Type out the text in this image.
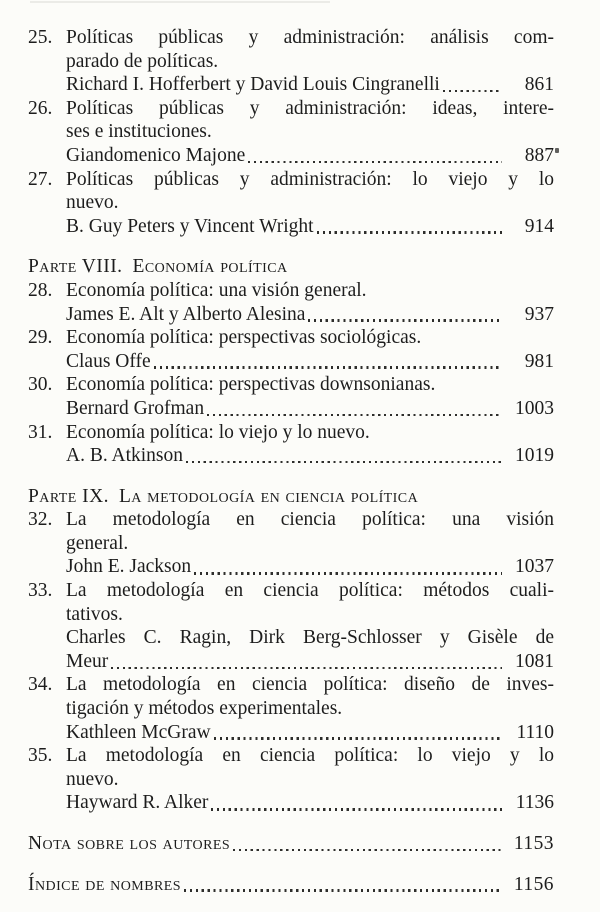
25. Políticas públicas y administración: análisis com-
parado de políticas.
Richard I. Hofferbert y David Louis Cingranelli	861
26. Políticas públicas y administración: ideas, intere-
ses e instituciones.
Giandomenico Majone	887
27. Políticas públicas y administración: lo viejo y lo
nuevo.
B. Guy Peters y Vincent Wright	914
Parte VIII. Economía política
28. Economía política: una visión general.
James E. Alt y Alberto Alesina	937
29. Economía política: perspectivas sociológicas.
Claus Offe	981
30. Economía política: perspectivas downsonianas.
Bernard Grofman	1003
31. Economía política: lo viejo y lo nuevo.
A. B. Atkinson	1019
Parte IX. La metodología en ciencia política
32. La metodología en ciencia política: una visión
general.
John E. Jackson	1037
33. La metodología en ciencia política: métodos cuali-
tativos.
Charles C. Ragin, Dirk Berg-Schlosser y Gisèle de
Meur	1081
34. La metodología en ciencia política: diseño de inves-
tigación y métodos experimentales.
Kathleen McGraw	1110
35. La metodología en ciencia política: lo viejo y lo
nuevo.
Hayward R. Alker	1136
Nota sobre los autores	1153
Índice de nombres	1156
